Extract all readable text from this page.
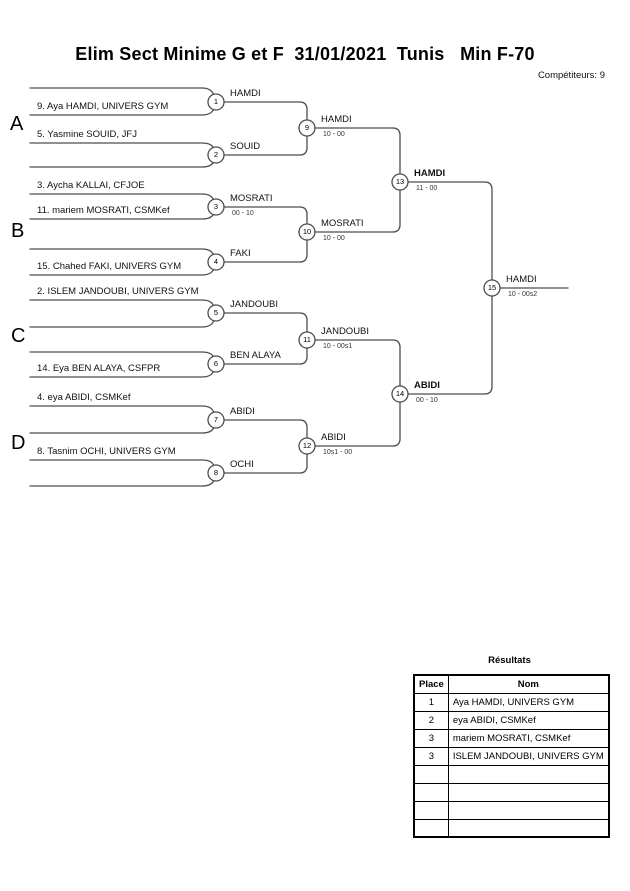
Elim Sect Minime G et F  31/01/2021  Tunis   Min F-70
Compétiteurs: 9
A
B
C
D
9. Aya HAMDI, UNIVERS GYM
5. Yasmine SOUID, JFJ
3. Aycha KALLAI, CFJOE
11. mariem MOSRATI, CSMKef
15. Chahed FAKI, UNIVERS GYM
2. ISLEM JANDOUBI, UNIVERS GYM
14. Eya BEN ALAYA, CSFPR
4. eya ABIDI, CSMKef
8. Tasnim OCHI, UNIVERS GYM
1
2
3
4
5
6
7
8
9
10
11
12
13
14
15
HAMDI
SOUID
MOSRATI
00 - 10
FAKI
JANDOUBI
BEN ALAYA
ABIDI
OCHI
HAMDI
10 - 00
MOSRATI
10 - 00
JANDOUBI
10 - 00s1
ABIDI
10s1 - 00
HAMDI
11 - 00
ABIDI
00 - 10
HAMDI
10 - 00s2
Résultats
Place	Nom
1	Aya HAMDI, UNIVERS GYM
2	eya ABIDI, CSMKef
3	mariem MOSRATI, CSMKef
3	ISLEM JANDOUBI, UNIVERS GYM
